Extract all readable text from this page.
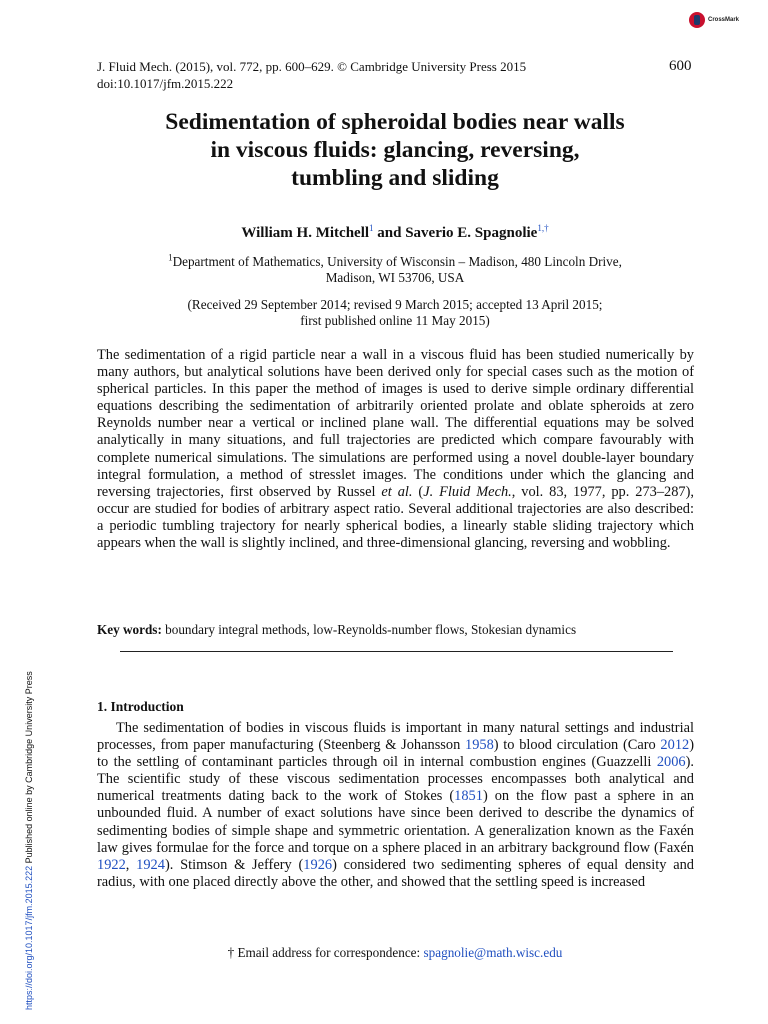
CrossMark
J. Fluid Mech. (2015), vol. 772, pp. 600–629. © Cambridge University Press 2015
doi:10.1017/jfm.2015.222
600
Sedimentation of spheroidal bodies near walls
in viscous fluids: glancing, reversing,
tumbling and sliding
William H. Mitchell$^1$ and Saverio E. Spagnolie$^{1,\dagger}$
$^1$Department of Mathematics, University of Wisconsin – Madison, 480 Lincoln Drive,
Madison, WI 53706, USA
(Received 29 September 2014; revised 9 March 2015; accepted 13 April 2015;
first published online 11 May 2015)
The sedimentation of a rigid particle near a wall in a viscous fluid has been studied numerically by many authors, but analytical solutions have been derived only for special cases such as the motion of spherical particles. In this paper the method of images is used to derive simple ordinary differential equations describing the sedimentation of arbitrarily oriented prolate and oblate spheroids at zero Reynolds number near a vertical or inclined plane wall. The differential equations may be solved analytically in many situations, and full trajectories are predicted which compare favourably with complete numerical simulations. The simulations are performed using a novel double-layer boundary integral formulation, a method of stresslet images. The conditions under which the glancing and reversing trajectories, first observed by Russel et al. (J. Fluid Mech., vol. 83, 1977, pp. 273–287), occur are studied for bodies of arbitrary aspect ratio. Several additional trajectories are also described: a periodic tumbling trajectory for nearly spherical bodies, a linearly stable sliding trajectory which appears when the wall is slightly inclined, and three-dimensional glancing, reversing and wobbling.
Key words: boundary integral methods, low-Reynolds-number flows, Stokesian dynamics
1. Introduction
The sedimentation of bodies in viscous fluids is important in many natural settings and industrial processes, from paper manufacturing (Steenberg & Johansson 1958) to blood circulation (Caro 2012) to the settling of contaminant particles through oil in internal combustion engines (Guazzelli 2006). The scientific study of these viscous sedimentation processes encompasses both analytical and numerical treatments dating back to the work of Stokes (1851) on the flow past a sphere in an unbounded fluid. A number of exact solutions have since been derived to describe the dynamics of sedimenting bodies of simple shape and symmetric orientation. A generalization known as the Faxén law gives formulae for the force and torque on a sphere placed in an arbitrary background flow (Faxén 1922, 1924). Stimson & Jeffery (1926) considered two sedimenting spheres of equal density and radius, with one placed directly above the other, and showed that the settling speed is increased
† Email address for correspondence: spagnolie@math.wisc.edu
https://doi.org/10.1017/jfm.2015.222 Published online by Cambridge University Press
